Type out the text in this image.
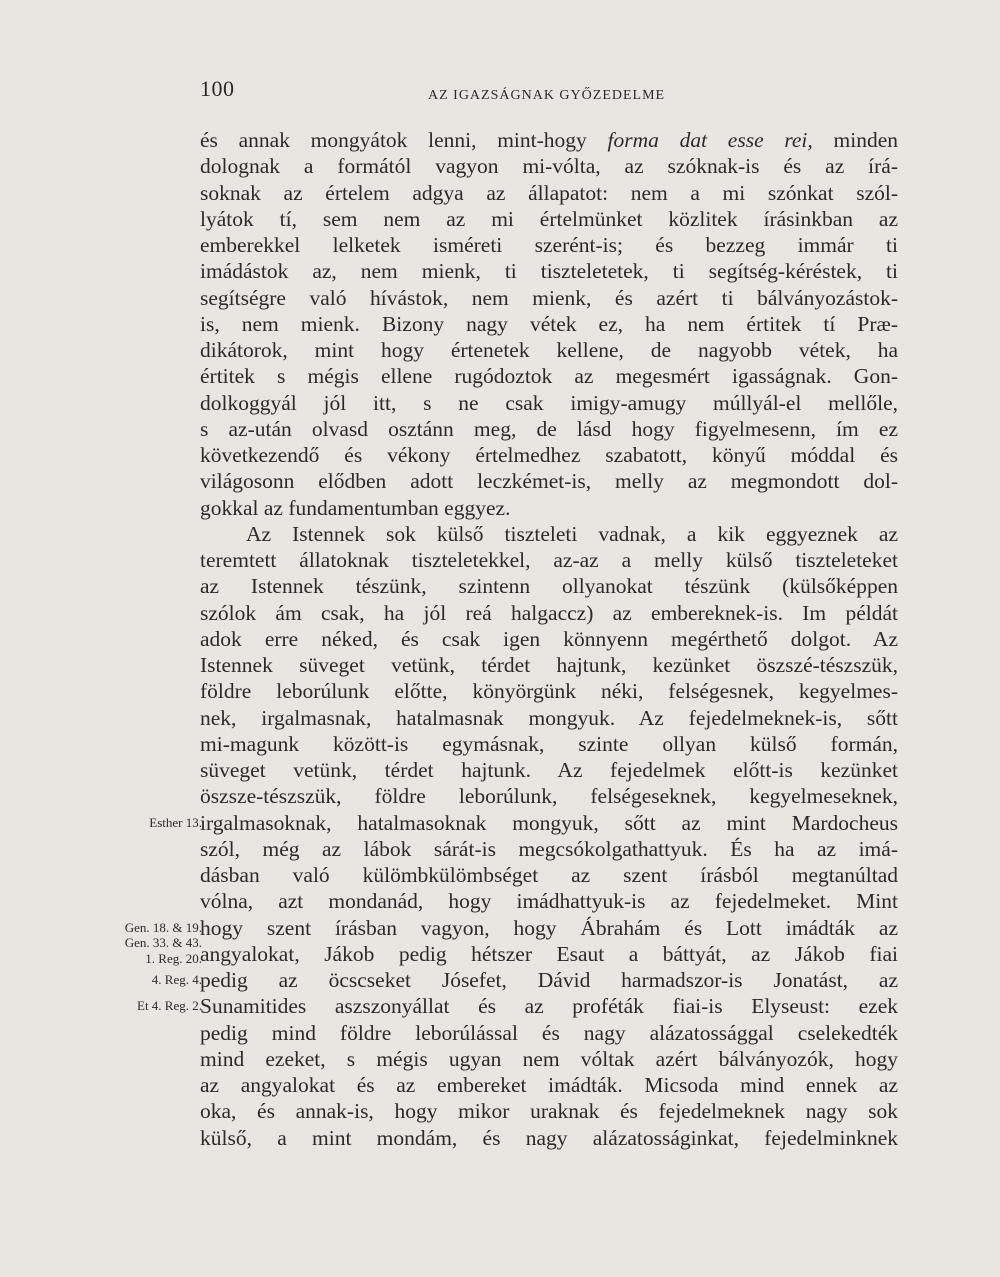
100	AZ IGAZSÁGNAK GYŐZEDELME
és annak mongyátok lenni, mint-hogy forma dat esse rei, minden
dolognak a formától vagyon mi-vólta, az szóknak-is és az írá-
soknak az értelem adgya az állapatot: nem a mi szónkat szól-
lyátok tí, sem nem az mi értelmünket közlitek írásinkban az
emberekkel lelketek isméreti szerént-is; és bezzeg immár ti
imádástok az, nem mienk, ti tiszteletetek, ti segítség-kéréstek, ti
segítségre való hívástok, nem mienk, és azért ti bálványozástok-
is, nem mienk. Bizony nagy vétek ez, ha nem értitek tí Præ-
dikátorok, mint hogy értenetek kellene, de nagyobb vétek, ha
értitek s mégis ellene rugódoztok az megesmért igasságnak. Gon-
dolkoggyál jól itt, s ne csak imigy-amugy múllyál-el mellőle,
s az-után olvasd osztánn meg, de lásd hogy figyelmesenn, ím ez
következendő és vékony értelmedhez szabatott, könyű móddal és
világosonn elődben adott leczkémet-is, melly az megmondott dol-
gokkal az fundamentumban eggyez.
Az Istennek sok külső tiszteleti vadnak, a kik eggyeznek az
teremtett állatoknak tiszteletekkel, az-az a melly külső tiszteleteket
az Istennek tészünk, szintenn ollyanokat tészünk (külsőképpen
szólok ám csak, ha jól reá halgaccz) az embereknek-is. Im példát
adok erre néked, és csak igen könnyenn megérthető dolgot. Az
Istennek süveget vetünk, térdet hajtunk, kezünket öszszé-tészszük,
földre leborúlunk előtte, könyörgünk néki, felségesnek, kegyelmes-
nek, irgalmasnak, hatalmasnak mongyuk. Az fejedelmeknek-is, sőtt
mi-magunk között-is egymásnak, szinte ollyan külső formán,
süveget vetünk, térdet hajtunk. Az fejedelmek előtt-is kezünket
öszsze-tészszük, földre leborúlunk, felségeseknek, kegyelmeseknek,
irgalmasoknak, hatalmasoknak mongyuk, sőtt az mint Mardocheus
szól, még az lábok sárát-is megcsókolgathattyuk. És ha az imá-
dásban való külömbkülömbséget az szent írásból megtanúltad
vólna, azt mondanád, hogy imádhattyuk-is az fejedelmeket. Mint
hogy szent írásban vagyon, hogy Ábrahám és Lott imádták az
angyalokat, Jákob pedig hétszer Esaut a báttyát, az Jákob fiai
pedig az öcscseket Jósefet, Dávid harmadszor-is Jonatást, az
Sunamitides aszszonyállat és az proféták fiai-is Elyseust: ezek
pedig mind földre leborúlással és nagy alázatossággal cselekedték
mind ezeket, s mégis ugyan nem vóltak azért bálványozók, hogy
az angyalokat és az embereket imádták. Micsoda mind ennek az
oka, és annak-is, hogy mikor uraknak és fejedelmeknek nagy sok
külső, a mint mondám, és nagy alázatosságinkat, fejedelminknek
Esther 13.
Gen. 18. & 19.
Gen. 33. & 43.
1. Reg. 20.
4. Reg. 4.
Et 4. Reg. 2.
